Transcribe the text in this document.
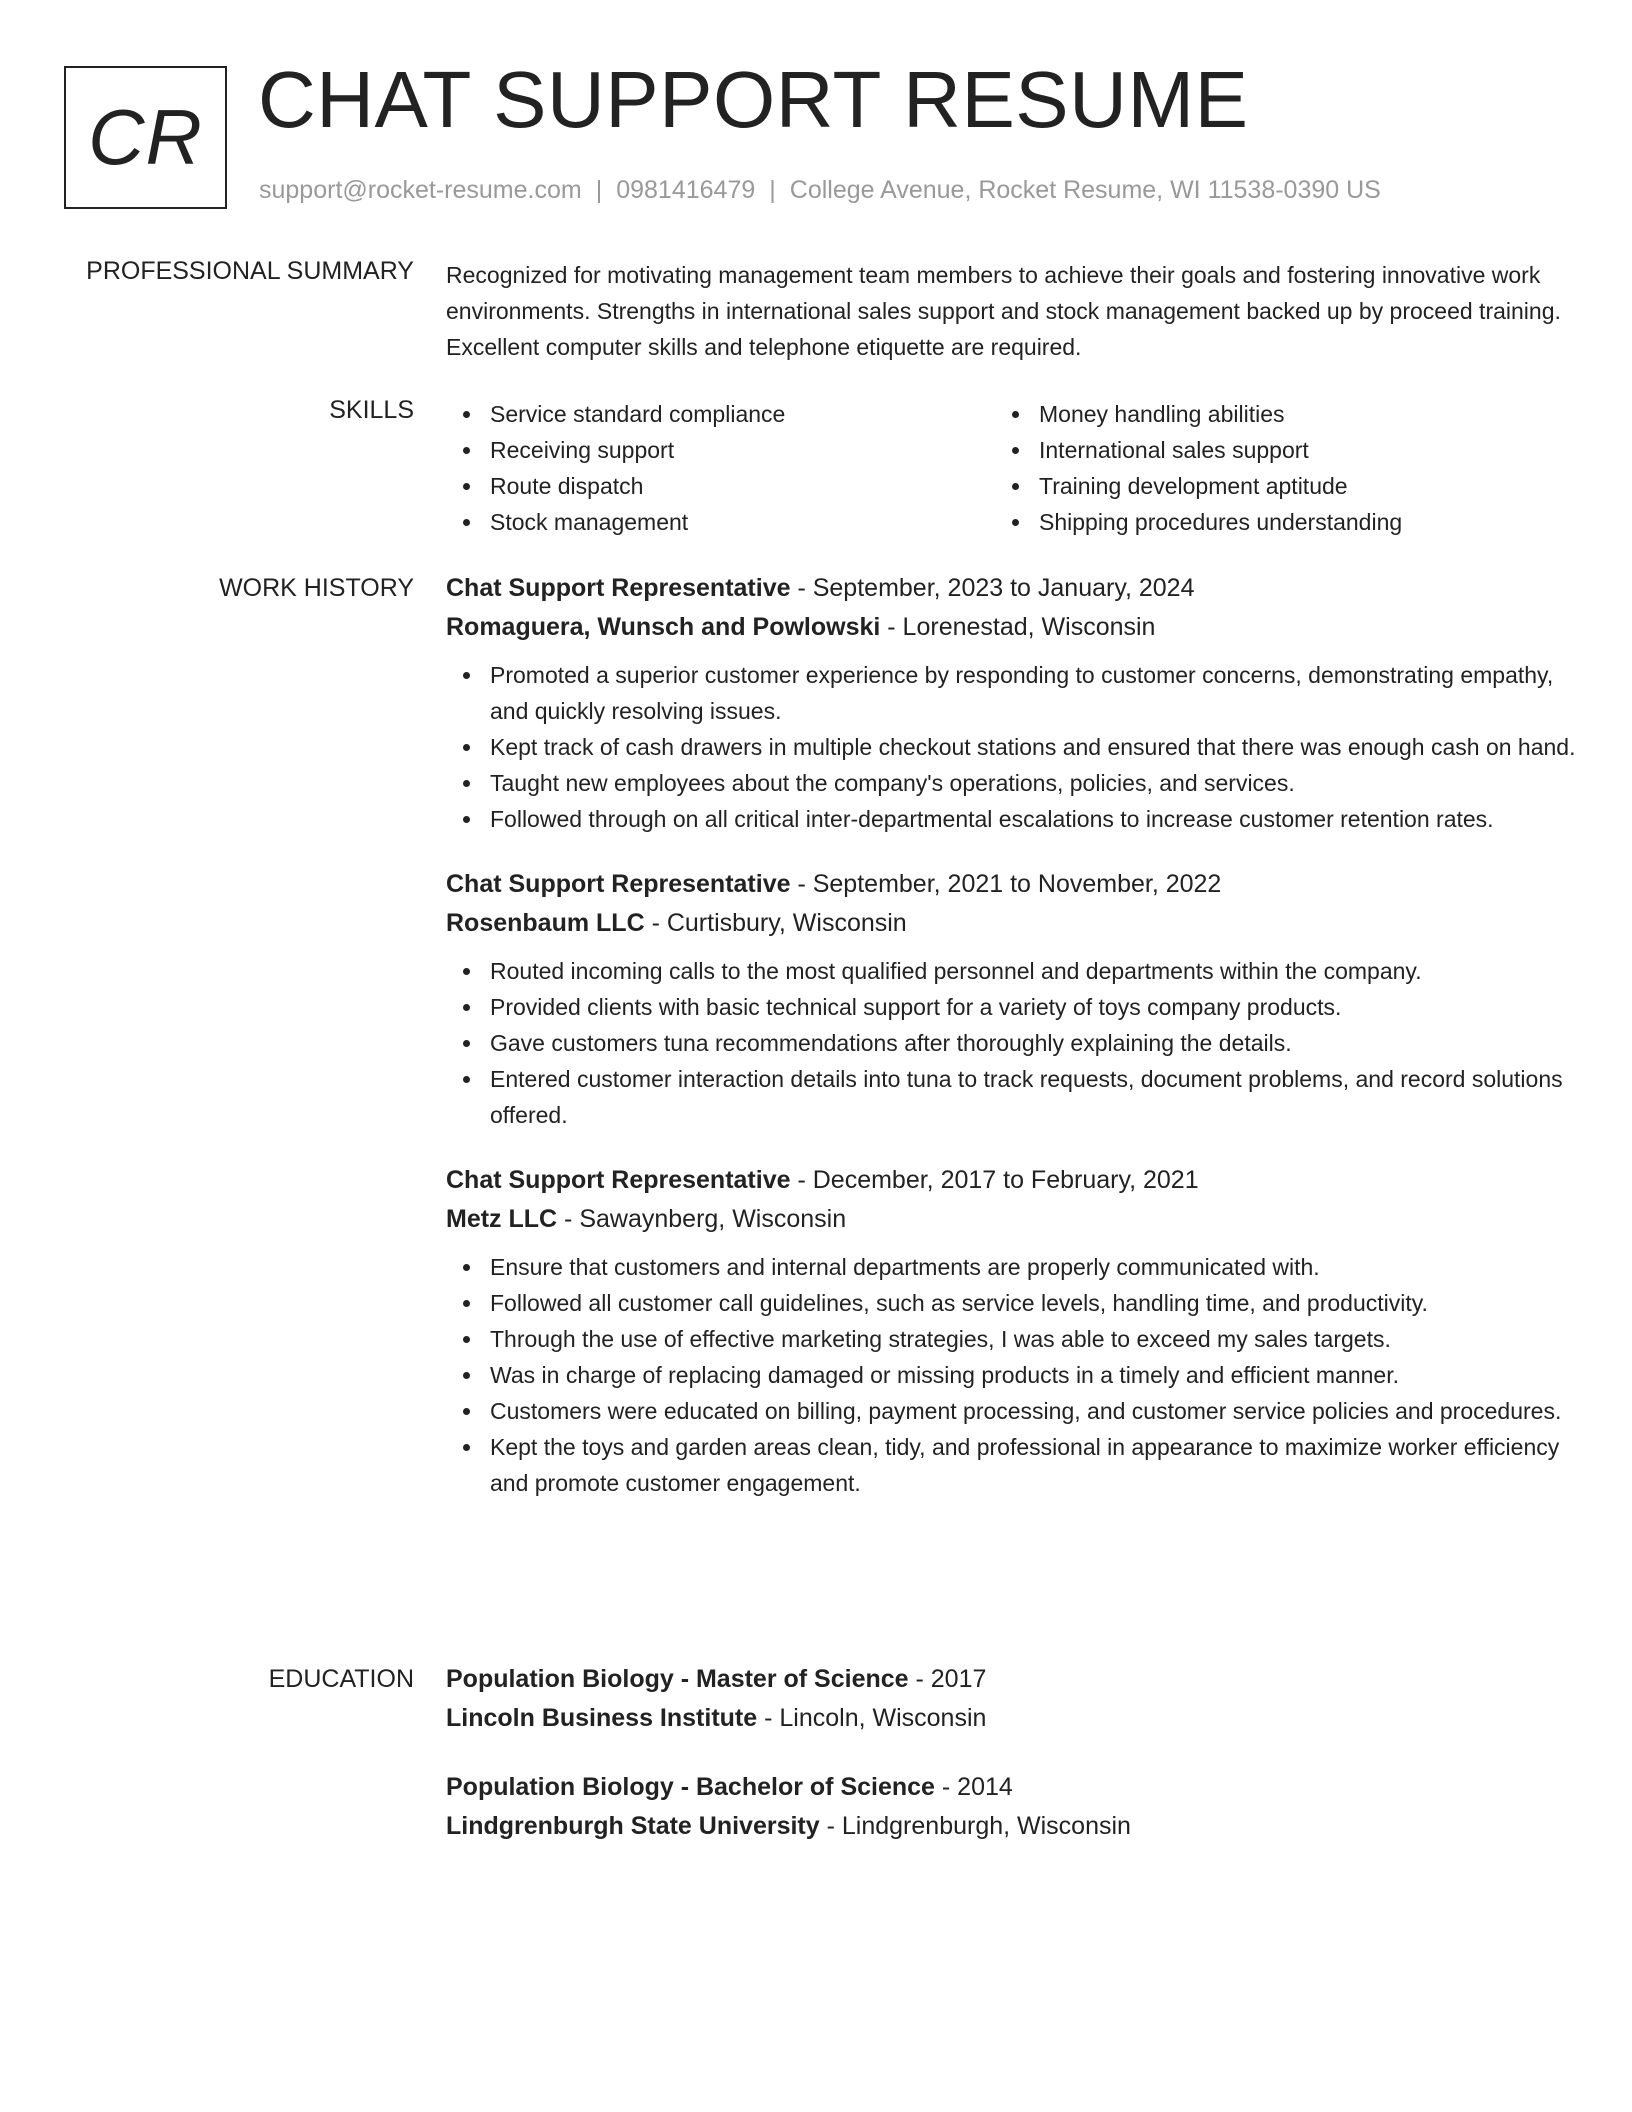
CR CHAT SUPPORT RESUME
support@rocket-resume.com | 0981416479 | College Avenue, Rocket Resume, WI 11538-0390 US
PROFESSIONAL SUMMARY Recognized for motivating management team members to achieve their goals and fostering innovative work environments. Strengths in international sales support and stock management backed up by proceed training. Excellent computer skills and telephone etiquette are required.

SKILLS	Service standard compliance
Receiving support
Route dispatch
Stock management
Money handling abilities
International sales support
Training development aptitude
Shipping procedures understanding
WORK HISTORY Chat Support Representative - September, 2023 to January, 2024
Romaguera, Wunsch and Powlowski - Lorenestad, Wisconsin
Promoted a superior customer experience by responding to customer concerns, demonstrating empathy, and quickly resolving issues.
Kept track of cash drawers in multiple checkout stations and ensured that there was enough cash on hand.
Taught new employees about the company's operations, policies, and services.
Followed through on all critical inter-departmental escalations to increase customer retention rates.
Chat Support Representative - September, 2021 to November, 2022
Rosenbaum LLC - Curtisbury, Wisconsin
Routed incoming calls to the most qualified personnel and departments within the company.
Provided clients with basic technical support for a variety of toys company products.
Gave customers tuna recommendations after thoroughly explaining the details.
Entered customer interaction details into tuna to track requests, document problems, and record solutions offered.
Chat Support Representative - December, 2017 to February, 2021
Metz LLC - Sawaynberg, Wisconsin
Ensure that customers and internal departments are properly communicated with.
Followed all customer call guidelines, such as service levels, handling time, and productivity.
Through the use of effective marketing strategies, I was able to exceed my sales targets.
Was in charge of replacing damaged or missing products in a timely and efficient manner.
Customers were educated on billing, payment processing, and customer service policies and procedures.
Kept the toys and garden areas clean, tidy, and professional in appearance to maximize worker efficiency and promote customer engagement.
EDUCATION Population Biology - Master of Science - 2017
Lincoln Business Institute - Lincoln, Wisconsin
Population Biology - Bachelor of Science - 2014
Lindgrenburgh State University - Lindgrenburgh, Wisconsin
